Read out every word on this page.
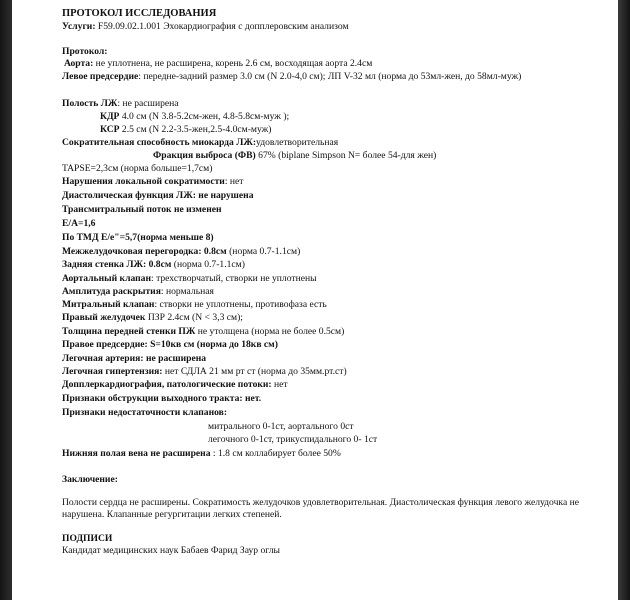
ПРОТОКОЛ ИССЛЕДОВАНИЯ

Услуги: F59.09.02.1.001 Эхокардиография с допплеровским анализом

Протокол:

Аорта: не уплотнена, не расширена, корень 2.6 см, восходящая аорта 2.4см

Левое предсердие: передне-задний размер 3.0 см (N 2.0-4,0 см); ЛП V-32 мл (норма до 53мл-жен, до 58мл-муж)

Полость ЛЖ: не расширена

КДР 4.0 см (N 3.8-5.2см-жен, 4.8-5.8см-муж );

КСР 2.5 см (N 2.2-3.5-жен,2.5-4.0см-муж)

Сократительная способность миокарда ЛЖ:удовлетворительная

Фракция выброса (ФВ) 67% (biplane Simpson N= более 54-для жен)

TAPSE=2,3см (норма больше=1,7см)

Нарушения локальной сократимости: нет

Диастолическая функция ЛЖ: не нарушена

Трансмитральный поток не изменен

E/A=1,6

По ТМД E/e"=5,7(норма меньше 8)

Межжелудочковая перегородка: 0.8см (норма 0.7-1.1см)

Задняя стенка ЛЖ: 0.8см (норма 0.7-1.1см)

Аортальный клапан: трехстворчатый, створки не уплотнены

Амплитуда раскрытия: нормальная

Митральный клапан: створки не уплотнены, противофаза есть

Правый желудочек ПЗР 2.4см (N < 3,3 см);

Толщина передней стенки ПЖ не утолщена (норма не более 0.5см)

Правое предсердие: S=10кв см (норма до 18кв см)

Легочная артерия: не расширена

Легочная гипертензия: нет СДЛА 21 мм рт ст (норма до 35мм.рт.ст)

Допплеркардиография, патологические потоки: нет

Признаки обструкции выходного тракта: нет.

Признаки недостаточности клапанов:

митрального 0-1ст, аортального 0ст

легочного 0-1ст, трикуспидального 0- 1ст

Нижняя полая вена не расширена : 1.8 см коллабирует более 50%

Заключение:

Полости сердца не расширены. Сократимость желудочков удовлетворительная. Диастолическая функция левого желудочка не нарушена. Клапанные регургитации легких степеней.

ПОДПИСИ

Кандидат медицинских наук Бабаев Фарид Заур оглы
